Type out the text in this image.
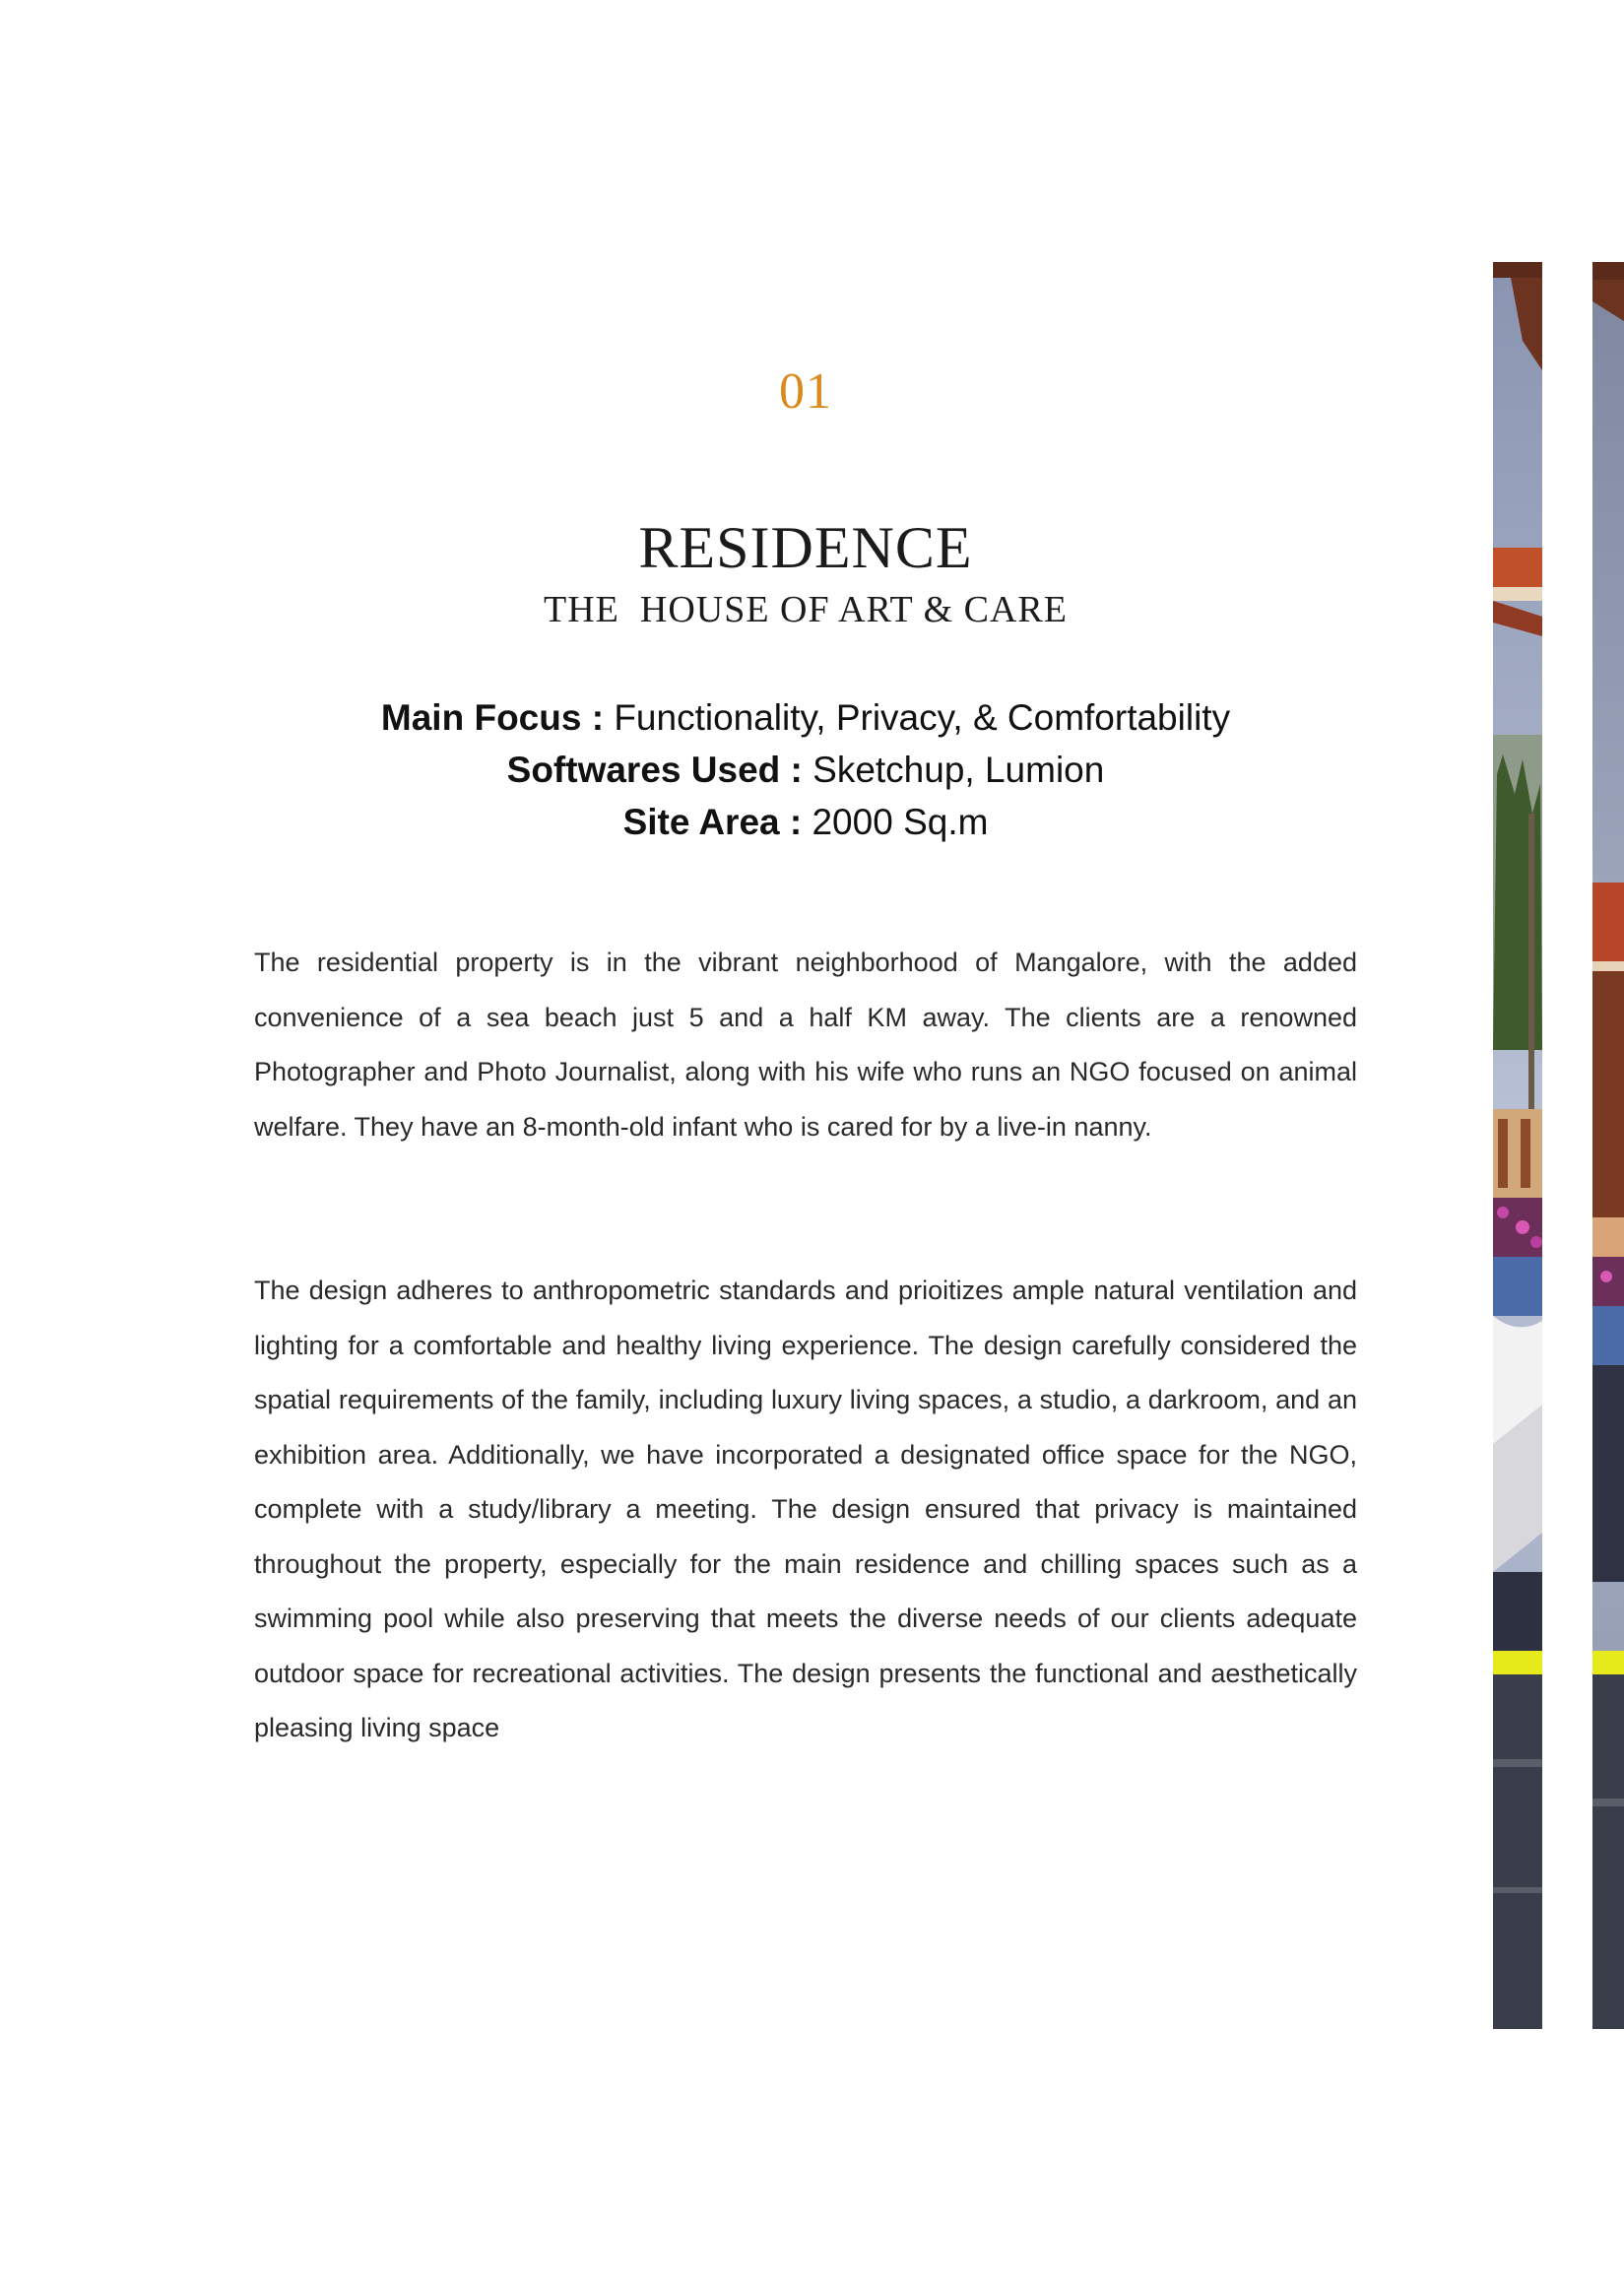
01
RESIDENCE
THE  HOUSE OF ART & CARE
Main Focus : Functionality, Privacy, & Comfortability
Softwares Used : Sketchup, Lumion
Site Area : 2000 Sq.m

The residential property is in the vibrant neighborhood of Mangalore, with the added convenience of a sea beach just 5 and a half KM away. The clients are a renowned Photographer and Photo Journalist, along with his wife who runs an NGO focused on animal welfare. They have an 8-month-old infant who is cared for by a live-in nanny.

The design adheres to anthropometric standards and prioitizes ample natural ventilation and lighting for a comfortable and healthy living experience. The design carefully considered the spatial requirements of the family, including luxury living spaces, a studio, a darkroom, and an exhibition area. Additionally, we have incorporated a designated office space for the NGO, complete with a study/library a meeting. The design ensured that privacy is maintained throughout the property, especially for the main residence and chilling spaces such as a swimming pool while also preserving that meets the diverse needs of our clients adequate outdoor space for recreational activities. The design presents the functional and aesthetically pleasing living space
